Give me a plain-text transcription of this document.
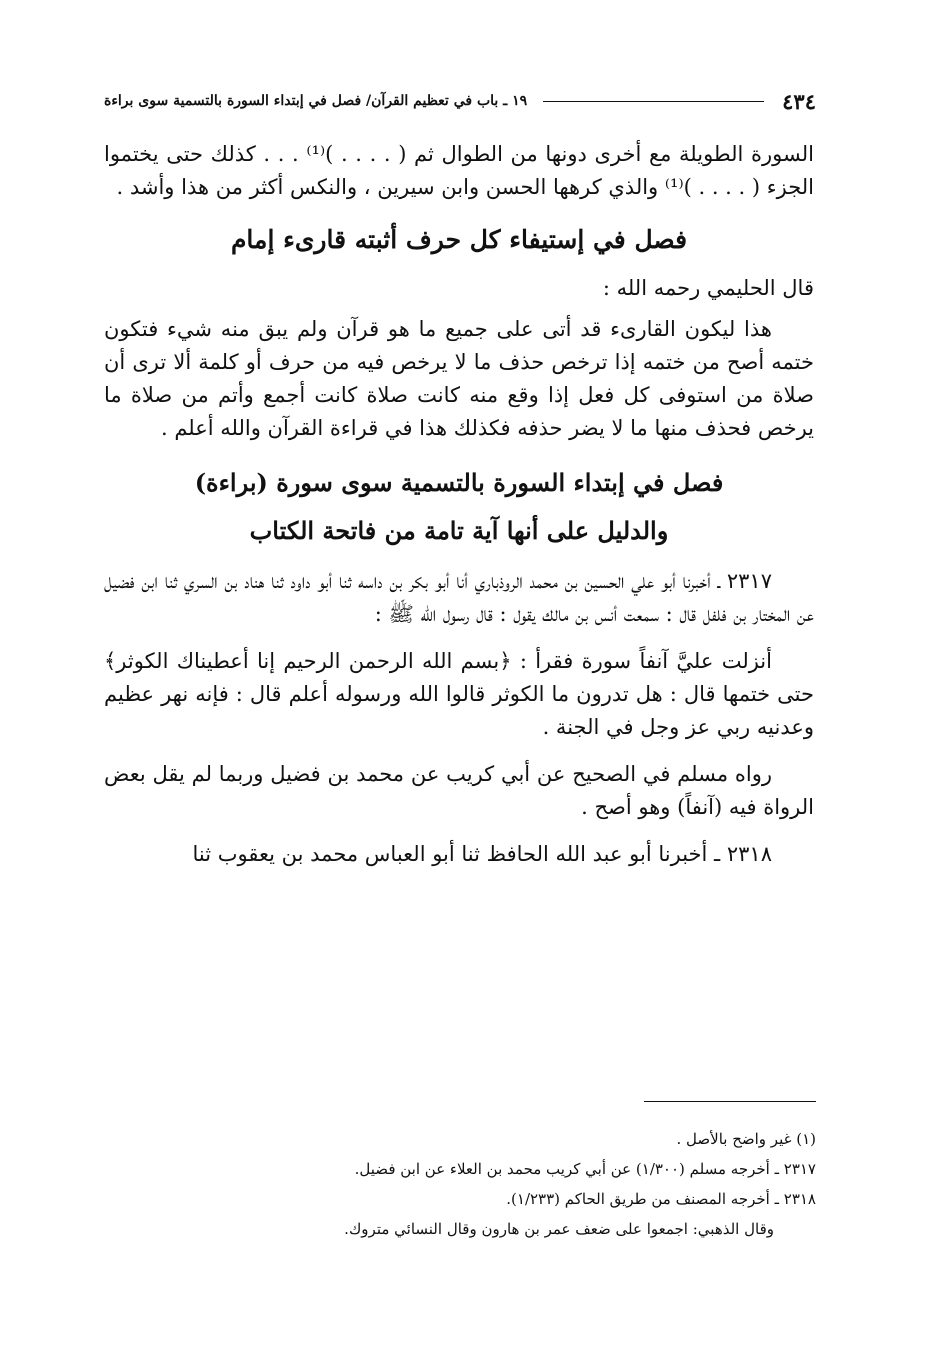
٤٣٤
١٩ ـ باب في تعظيم القرآن/ فصل في إبتداء السورة بالتسمية سوى براءة

السورة الطويلة مع أخرى دونها من الطوال ثم ( . . . . )⁽¹⁾ . . . كذلك حتى يختموا الجزء ( . . . . )⁽¹⁾ والذي كرهها الحسن وابن سيرين ، والنكس أكثر من هذا وأشد .

فصل في إستيفاء كل حرف أثبته قارىء إمام

قال الحليمي رحمه الله :

هذا ليكون القارىء قد أتى على جميع ما هو قرآن ولم يبق منه شيء فتكون ختمه أصح من ختمه إذا ترخص حذف ما لا يرخص فيه من حرف أو كلمة ألا ترى أن صلاة من استوفى كل فعل إذا وقع منه كانت صلاة كانت أجمع وأتم من صلاة ما يرخص فحذف منها ما لا يضر حذفه فكذلك هذا في قراءة القرآن والله أعلم .

فصل في إبتداء السورة بالتسمية سوى سورة (براءة)
والدليل على أنها آية تامة من فاتحة الكتاب

٢٣١٧ ـ أخبرنا أبو علي الحسين بن محمد الروذباري أنا أبو بكر بن داسه ثنا أبو داود ثنا هناد بن السري ثنا ابن فضيل عن المختار بن فلفل قال : سمعت أنس بن مالك يقول : قال رسول الله ﷺ :

أنزلت عليَّ آنفاً سورة فقرأ : ﴿بسم الله الرحمن الرحيم إنا أعطيناك الكوثر﴾ حتى ختمها قال : هل تدرون ما الكوثر قالوا الله ورسوله أعلم قال : فإنه نهر عظيم وعدنيه ربي عز وجل في الجنة .

رواه مسلم في الصحيح عن أبي كريب عن محمد بن فضيل وربما لم يقل بعض الرواة فيه (آنفاً) وهو أصح .

٢٣١٨ ـ أخبرنا أبو عبد الله الحافظ ثنا أبو العباس محمد بن يعقوب ثنا

(١) غير واضح بالأصل .
٢٣١٧ ـ أخرجه مسلم (١/٣٠٠) عن أبي كريب محمد بن العلاء عن ابن فضيل.
٢٣١٨ ـ أخرجه المصنف من طريق الحاكم (١/٢٣٣).
وقال الذهبي: اجمعوا على ضعف عمر بن هارون وقال النسائي متروك.
